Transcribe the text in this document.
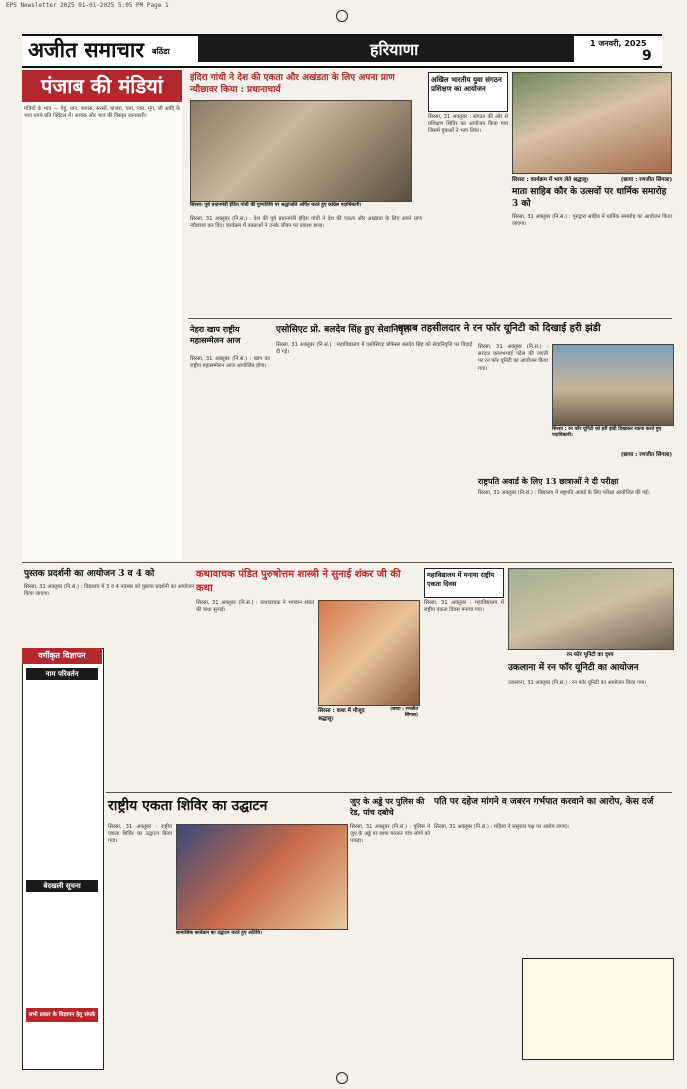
EPS Newsletter 2025 01-01-2025 5:05 PM Page 1
अजीत समाचार बठिंडा	हरियाणा	1 जनवरी, 2025
9
पंजाब की मंडियां
मंडियों के भाव — गेहूं, धान, कपास, सरसों, बाजरा, चना, ग्वार, मूंग, जौ आदि के भाव रुपये प्रति क्विंटल में। आवक और भाव की विस्तृत जानकारी।
इंदिरा गांधी ने देश की एकता और अखंडता के लिए अपना प्राण न्यौछावर किया : प्रधानाचार्य
सिरसा। पूर्व प्रधानमंत्री इंदिरा गांधी की पुण्यतिथि पर श्रद्धांजलि अर्पित करते हुए कांग्रेस पदाधिकारी।
सिरसा, 31 अक्तूबर (नि.सं.) : देश की पूर्व प्रधानमंत्री इंदिरा गांधी ने देश की एकता और अखंडता के लिए अपने प्राण न्यौछावर कर दिए। कार्यक्रम में वक्ताओं ने उनके जीवन पर प्रकाश डाला।
अखिल भारतीय युवा संगठन प्रशिक्षण का आयोजन
सिरसा, 31 अक्तूबर : संगठन की ओर से प्रशिक्षण शिविर का आयोजन किया गया जिसमें युवाओं ने भाग लिया।
सिरसा : कार्यक्रम में भाग लेते श्रद्धालु।	(छाया : रणजीत सिंगला)
माता साहिब कौर के उत्सवों पर धार्मिक समारोह 3 को
सिरसा, 31 अक्तूबर (नि.सं.) : गुरुद्वारा साहिब में धार्मिक समारोह का आयोजन किया जाएगा।
नेहरा खाप राष्ट्रीय महासम्मेलन आज
सिरसा, 31 अक्तूबर (नि.सं.) : खाप का राष्ट्रीय महासम्मेलन आज आयोजित होगा।
एसोसिएट प्रो. बलदेव सिंह हुए सेवानिवृत्त
सिरसा, 31 अक्तूबर (नि.सं.) : महाविद्यालय में एसोसिएट प्रोफेसर बलदेव सिंह को सेवानिवृत्ति पर विदाई दी गई।
नायब तहसीलदार ने रन फॉर यूनिटी को दिखाई हरी झंडी
सिरसा, 31 अक्तूबर (नि.सं.) : सरदार वल्लभभाई पटेल की जयंती पर रन फॉर यूनिटी का आयोजन किया गया।
सिरसा : रन फॉर यूनिटी को हरी झंडी दिखाकर रवाना करते हुए पदाधिकारी।
(छाया : रणजीत सिंगला)
राष्ट्रपति अवार्ड के लिए 13 छात्राओं ने दी परीक्षा
सिरसा, 31 अक्तूबर (नि.सं.) : विद्यालय में राष्ट्रपति अवार्ड के लिए परीक्षा आयोजित की गई।
पुस्तक प्रदर्शनी का आयोजन 3 व 4 को
सिरसा, 31 अक्तूबर (नि.सं.) : विद्यालय में 3 व 4 नवम्बर को पुस्तक प्रदर्शनी का आयोजन किया जाएगा।
वर्गीकृत विज्ञापन
नाम परिवर्तन
बेदखली सूचना
सभी प्रकार के विज्ञापन हेतु संपर्क करें
कथावाचक पंडित पुरुषोत्तम शास्त्री ने सुनाई शंकर जी की कथा
सिरसा, 31 अक्तूबर (नि.सं.) : कथावाचक ने भगवान शंकर की कथा सुनाई।
सिरसा : कथा में मौजूद श्रद्धालु।
(छाया : रणजीत सिंगला)
महाविद्यालय में मनाया राष्ट्रीय एकता दिवस
सिरसा, 31 अक्तूबर : महाविद्यालय में राष्ट्रीय एकता दिवस मनाया गया।
रन फॉर यूनिटी का दृश्य
उकलाना में रन फॉर यूनिटी का आयोजन
उकलाना, 31 अक्तूबर (नि.सं.) : रन फॉर यूनिटी का आयोजन किया गया।
राष्ट्रीय एकता शिविर का उद्घाटन
सिरसा, 31 अक्तूबर : राष्ट्रीय एकता शिविर का उद्घाटन किया गया।
सामाजिक कार्यक्रम का उद्घाटन करते हुए अतिथि।
जुए के अड्डे पर पुलिस की रेड, पांच दबोचे
सिरसा, 31 अक्तूबर (नि.सं.) : पुलिस ने जुए के अड्डे पर छापा मारकर पांच लोगों को पकड़ा।
पति पर दहेज मांगने व जबरन गर्भपात करवाने का आरोप, केस दर्ज
सिरसा, 31 अक्तूबर (नि.सं.) : महिला ने ससुराल पक्ष पर आरोप लगाए।
